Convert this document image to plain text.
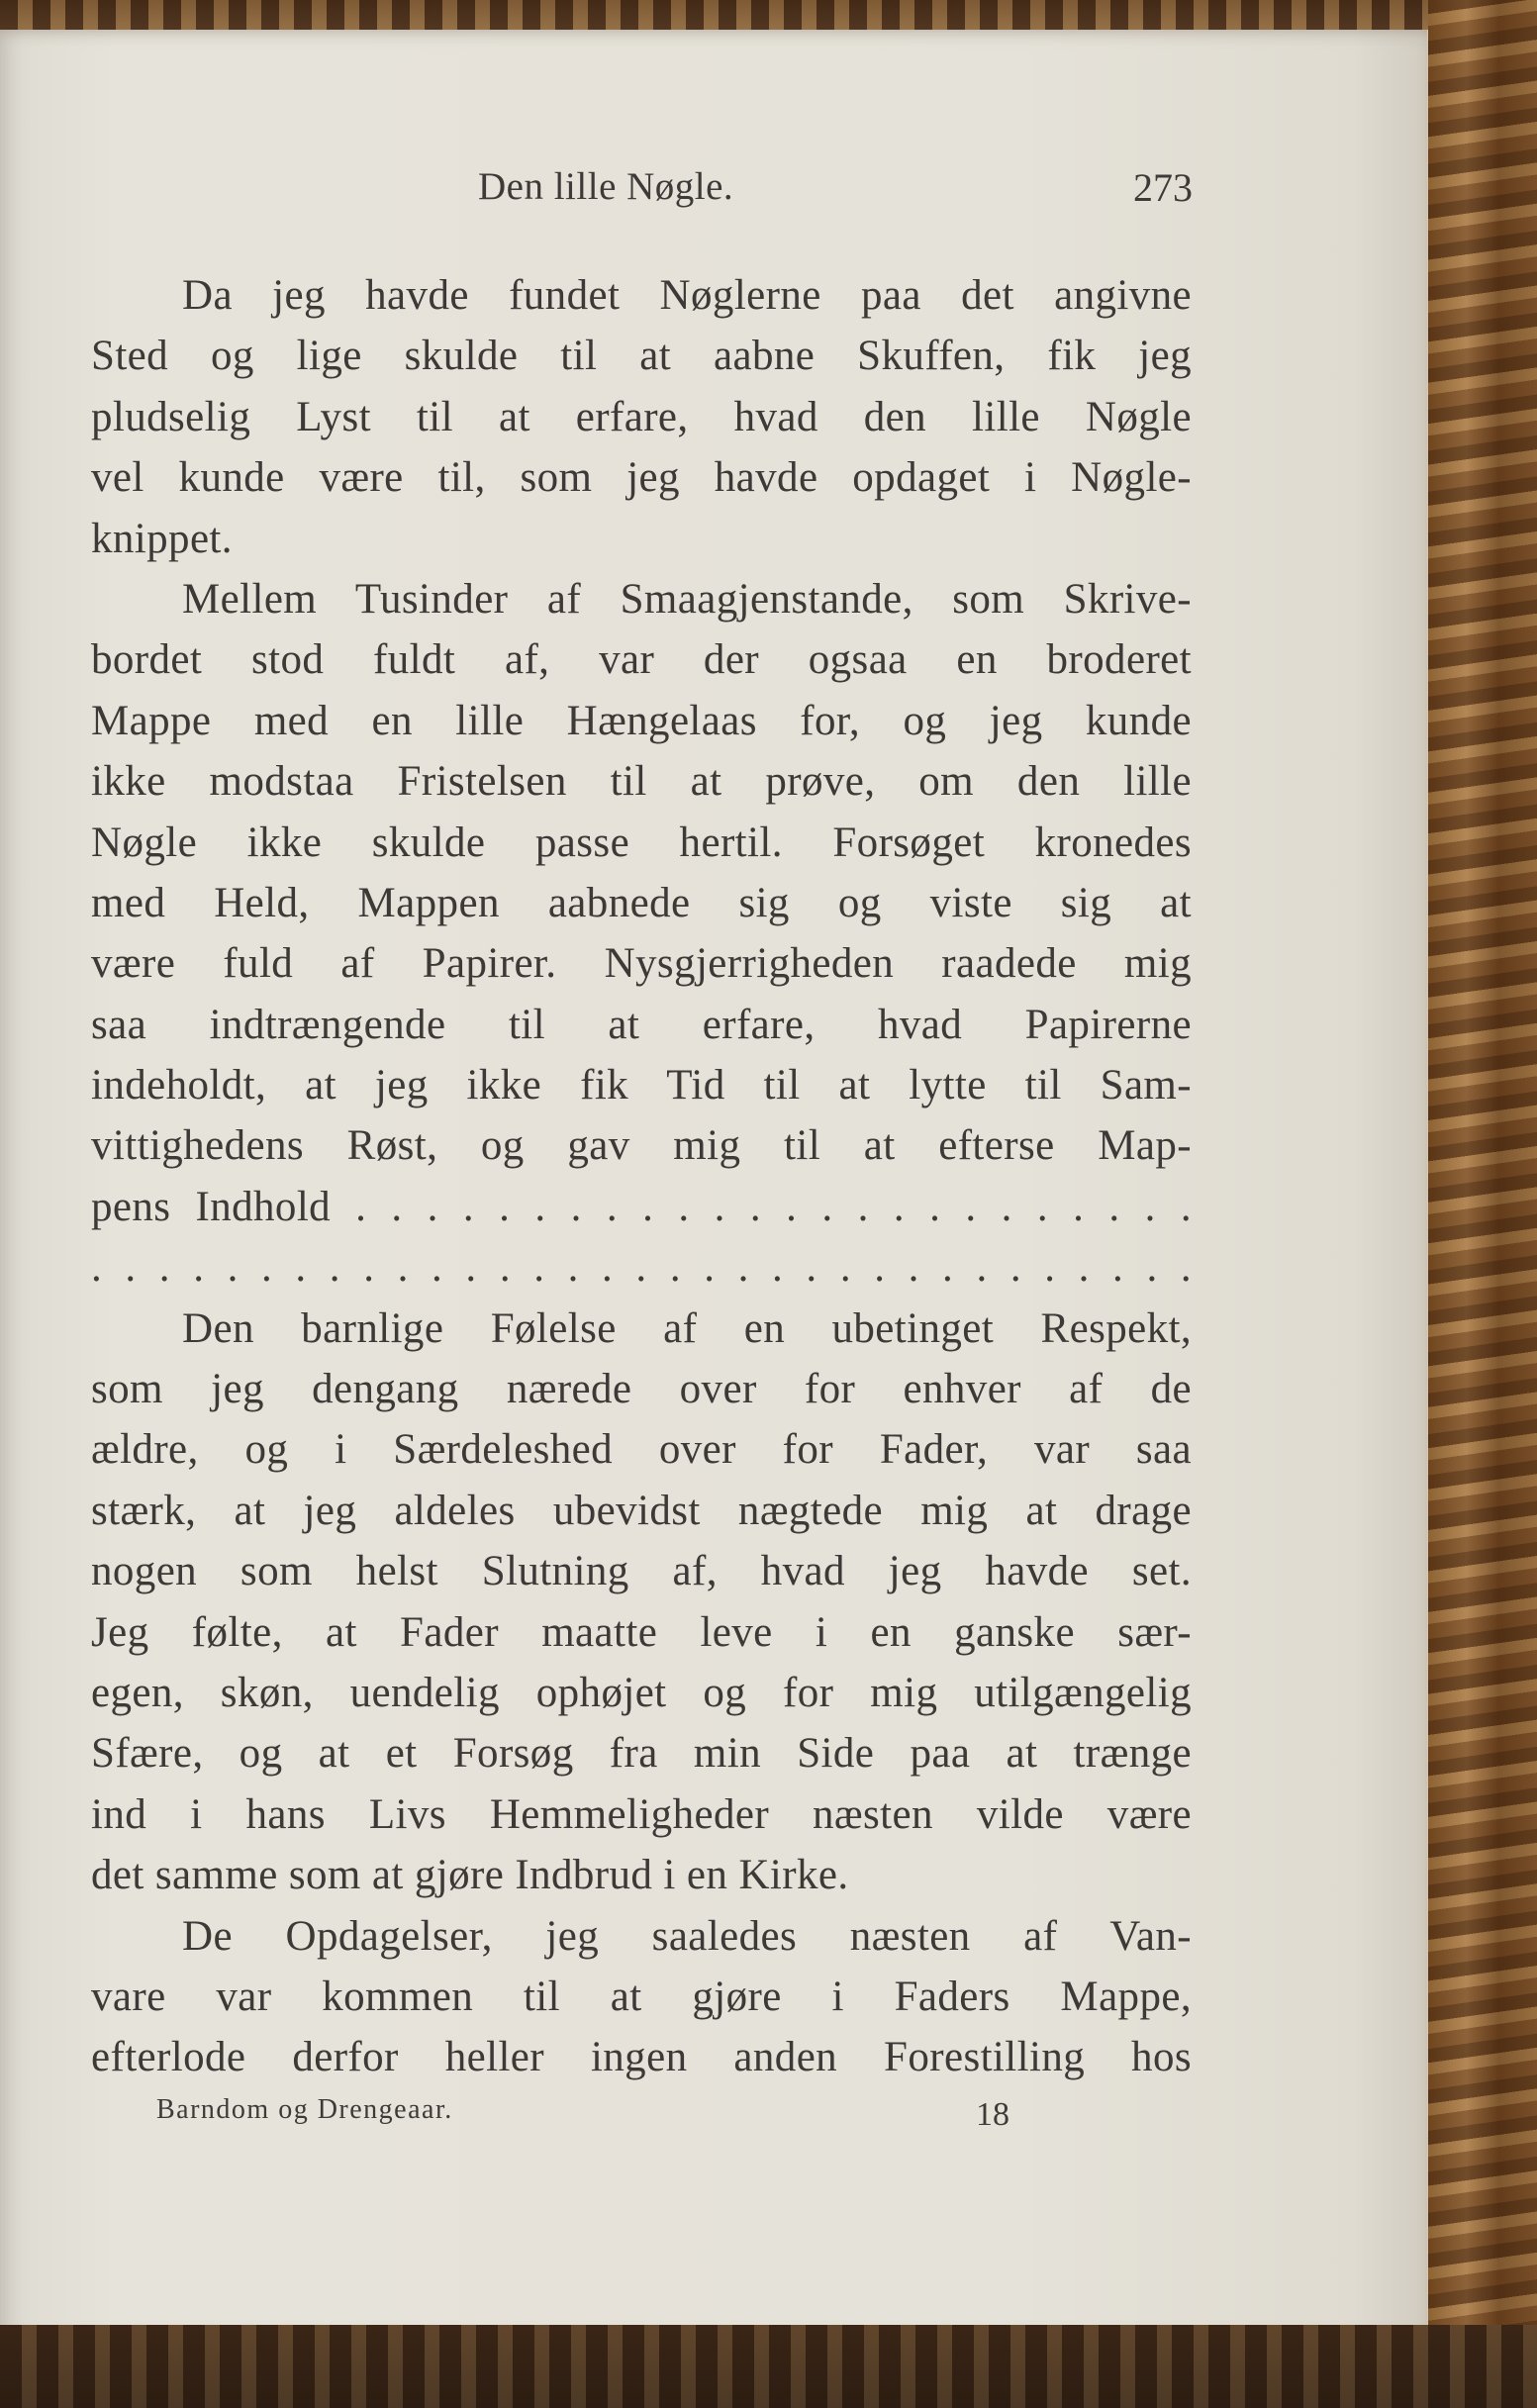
Den lille Nøgle.	273
Da jeg havde fundet Nøglerne paa det angivne
Sted og lige skulde til at aabne Skuffen, fik jeg
pludselig Lyst til at erfare, hvad den lille Nøgle
vel kunde være til, som jeg havde opdaget i Nøgle-
knippet.
Mellem Tusinder af Smaagjenstande, som Skrive-
bordet stod fuldt af, var der ogsaa en broderet
Mappe med en lille Hængelaas for, og jeg kunde
ikke modstaa Fristelsen til at prøve, om den lille
Nøgle ikke skulde passe hertil. Forsøget kronedes
med Held, Mappen aabnede sig og viste sig at
være fuld af Papirer. Nysgjerrigheden raadede mig
saa indtrængende til at erfare, hvad Papirerne
indeholdt, at jeg ikke fik Tid til at lytte til Sam-
vittighedens Røst, og gav mig til at efterse Map-
pens Indhold . . . . . . . . . . . . . . . . . . . . . . . .
. . . . . . . . . . . . . . . . . . . . . . . . . . . . . . . . .
Den barnlige Følelse af en ubetinget Respekt,
som jeg dengang nærede over for enhver af de
ældre, og i Særdeleshed over for Fader, var saa
stærk, at jeg aldeles ubevidst nægtede mig at drage
nogen som helst Slutning af, hvad jeg havde set.
Jeg følte, at Fader maatte leve i en ganske sær-
egen, skøn, uendelig ophøjet og for mig utilgængelig
Sfære, og at et Forsøg fra min Side paa at trænge
ind i hans Livs Hemmeligheder næsten vilde være
det samme som at gjøre Indbrud i en Kirke.
De Opdagelser, jeg saaledes næsten af Van-
vare var kommen til at gjøre i Faders Mappe,
efterlode derfor heller ingen anden Forestilling hos
Barndom og Drengeaar.	18
